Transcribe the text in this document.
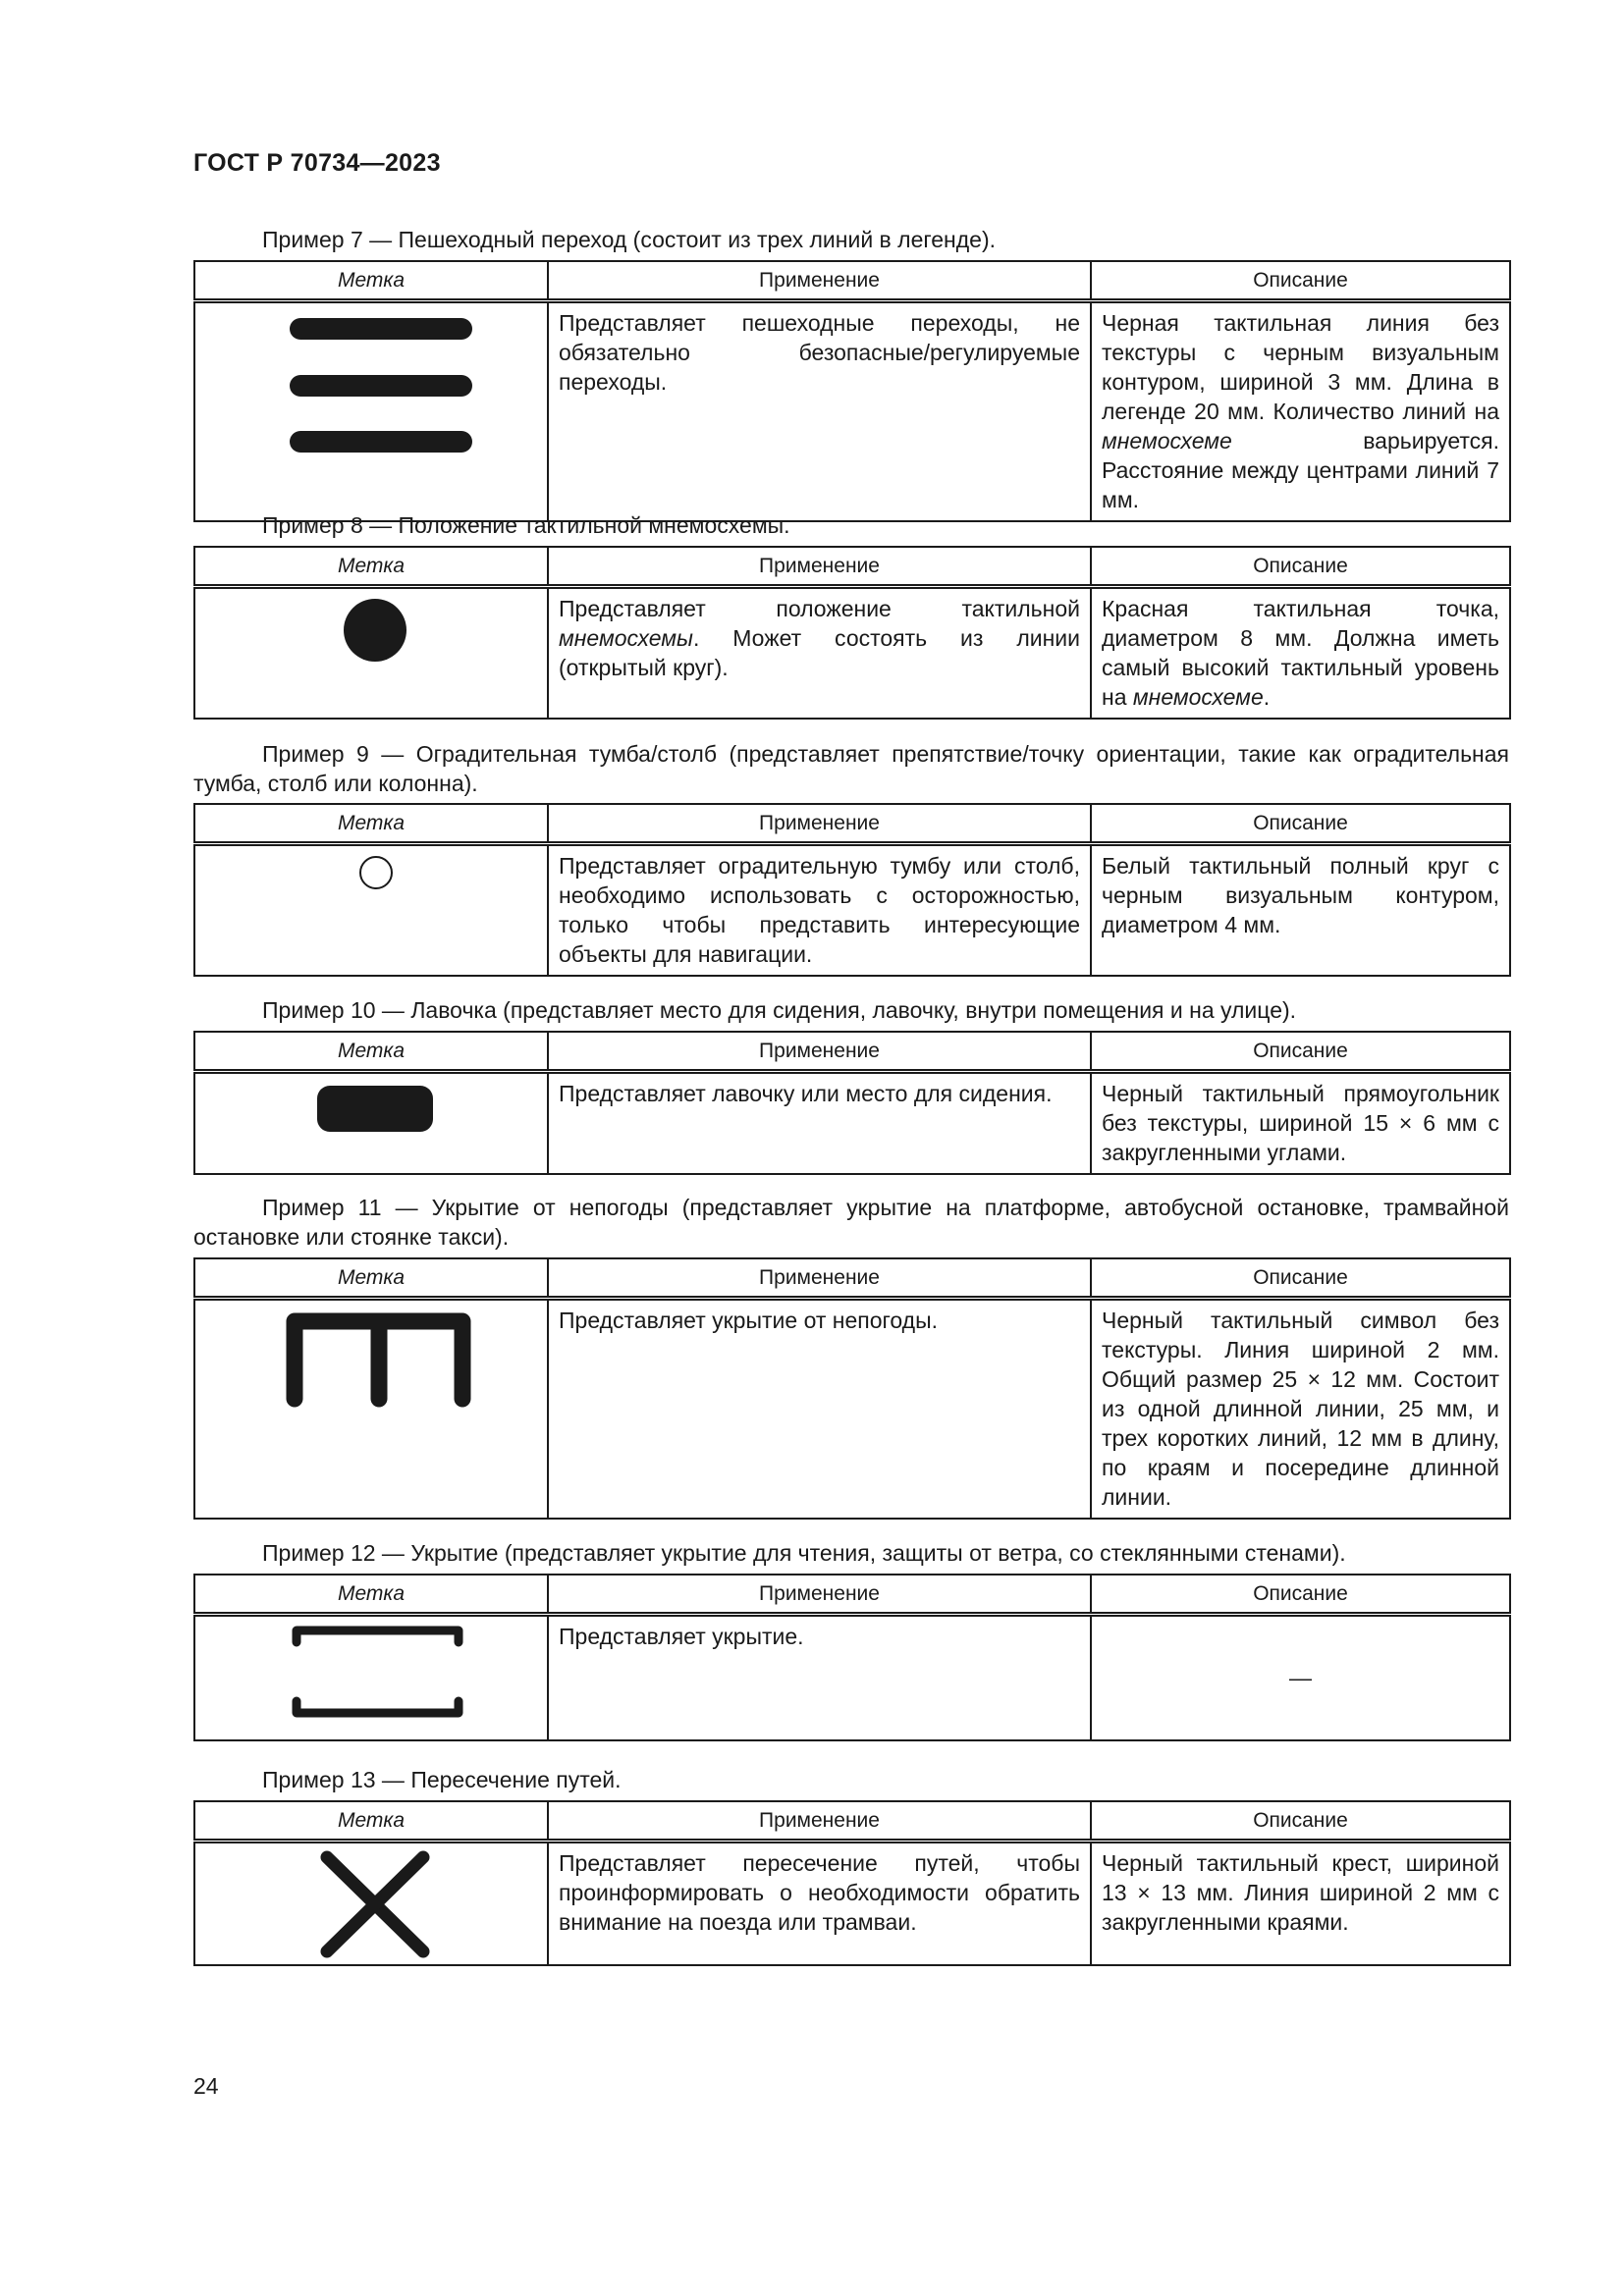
ГОСТ Р 70734—2023
Пример 7 — Пешеходный переход (состоит из трех линий в легенде).
Метка	Применение	Описание

	Представляет пешеходные переходы, не обязательно безопасные/регулируемые переходы.	Черная тактильная линия без текстуры с черным визуальным контуром, шириной 3 мм. Длина в легенде 20 мм. Количество линий на мнемосхеме варьируется. Расстояние между центрами линий 7 мм.
Пример 8 — Положение тактильной мнемосхемы.
Метка	Применение	Описание

	Представляет положение тактильной мнемосхемы. Может состоять из линии (открытый круг).	Красная тактильная точка, диаметром 8 мм. Должна иметь самый высокий тактильный уровень на мнемосхеме.
Пример 9 — Оградительная тумба/столб (представляет препятствие/точку ориентации, такие как оградительная тумба, столб или колонна).
Метка	Применение	Описание

	Представляет оградительную тумбу или столб, необходимо использовать с осторожностью, только чтобы представить интересующие объекты для навигации.	Белый тактильный полный круг с черным визуальным контуром, диаметром 4 мм.
Пример 10 — Лавочка (представляет место для сидения, лавочку, внутри помещения и на улице).
Метка	Применение	Описание

	Представляет лавочку или место для сидения.	Черный тактильный прямоугольник без текстуры, шириной 15 × 6 мм с закругленными углами.
Пример 11 — Укрытие от непогоды (представляет укрытие на платформе, автобусной остановке, трамвайной остановке или стоянке такси).
Метка	Применение	Описание

	Представляет укрытие от непогоды.	Черный тактильный символ без текстуры. Линия шириной 2 мм. Общий размер 25 × 12 мм. Состоит из одной длинной линии, 25 мм, и трех коротких линий, 12 мм в длину, по краям и посередине длинной линии.
Пример 12 — Укрытие (представляет укрытие для чтения, защиты от ветра, со стеклянными стенами).
Метка	Применение	Описание

	Представляет укрытие.	—
Пример 13 — Пересечение путей.
Метка	Применение	Описание

	Представляет пересечение путей, чтобы проинформировать о необходимости обратить внимание на поезда или трамваи.	Черный тактильный крест, шириной 13 × 13 мм. Линия шириной 2 мм с закругленными краями.
24
